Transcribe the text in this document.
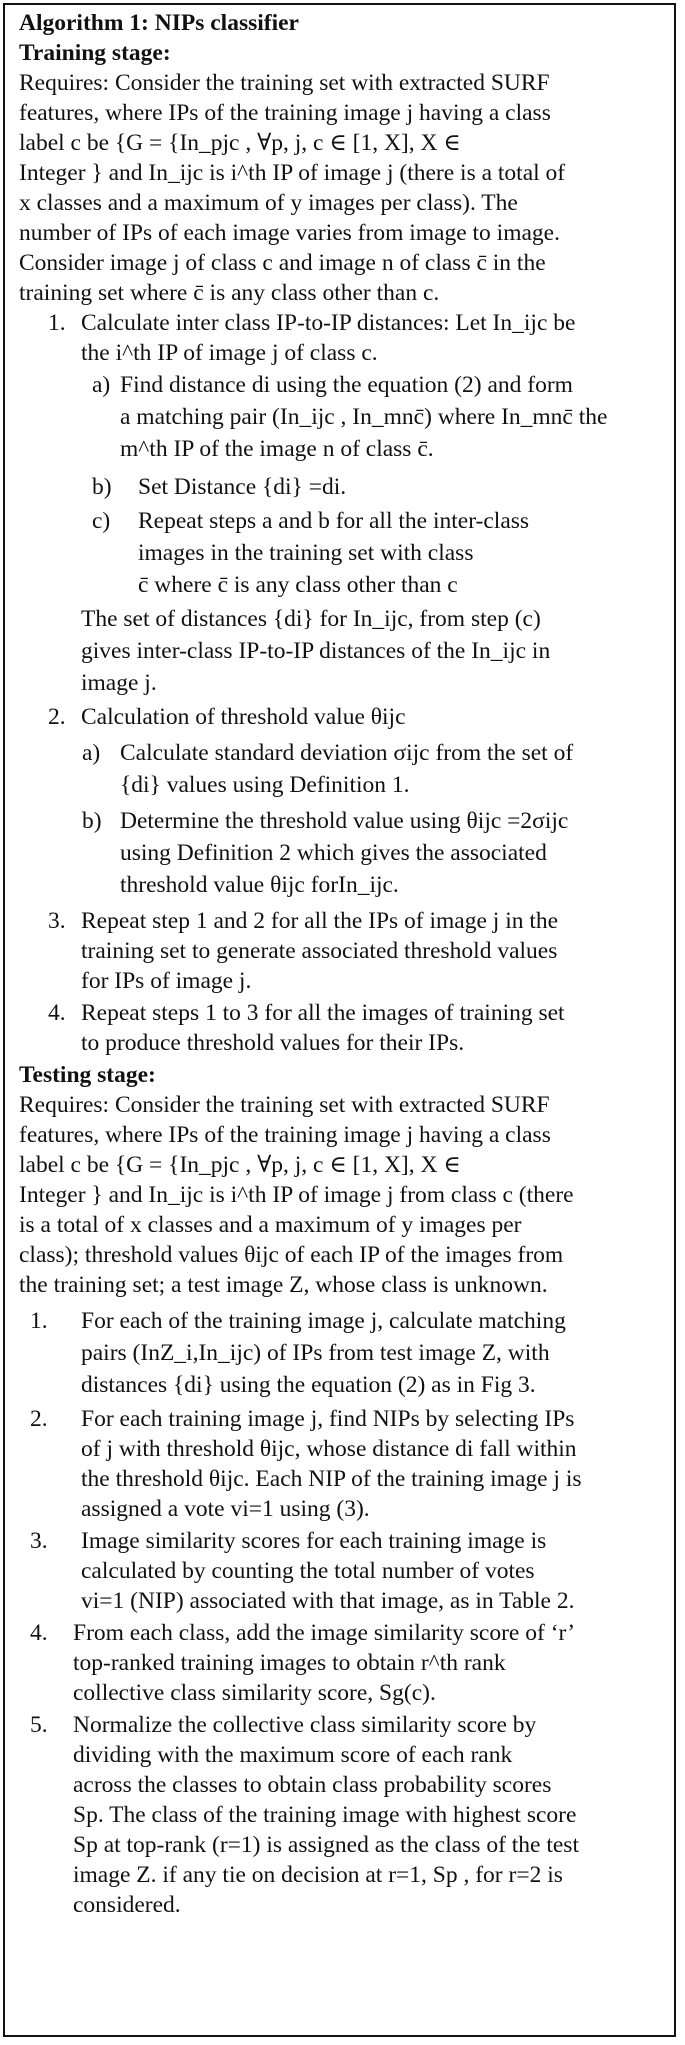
Algorithm 1: NIPs classifier
Training stage:
Requires: Consider the training set with extracted SURF
features, where IPs of the training image j having a class
label c be {G = {In_pjc , ∀p, j, c ∈ [1, X], X ∈
Integer } and In_ijc is i^th IP of image j (there is a total of
x classes and a maximum of y images per class). The
number of IPs of each image varies from image to image.
Consider image j of class c and image n of class c̄ in the
training set where c̄ is any class other than c.
1. Calculate inter class IP-to-IP distances: Let In_ijc be
the i^th IP of image j of class c.
a) Find distance di using the equation (2) and form
a matching pair (In_ijc , In_mnc̄) where In_mnc̄ the
m^th IP of the image n of class c̄.
b) Set Distance {di} =di.
c) Repeat steps a and b for all the inter-class
images in the training set with class
c̄ where c̄ is any class other than c
The set of distances {di} for In_ijc, from step (c)
gives inter-class IP-to-IP distances of the In_ijc in
image j.
2. Calculation of threshold value θijc
a) Calculate standard deviation σijc from the set of
{di} values using Definition 1.
b) Determine the threshold value using θijc =2σijc
using Definition 2 which gives the associated
threshold value θijc forIn_ijc.
3. Repeat step 1 and 2 for all the IPs of image j in the
training set to generate associated threshold values
for IPs of image j.
4. Repeat steps 1 to 3 for all the images of training set
to produce threshold values for their IPs.
Testing stage:
Requires: Consider the training set with extracted SURF
features, where IPs of the training image j having a class
label c be {G = {In_pjc , ∀p, j, c ∈ [1, X], X ∈
Integer } and In_ijc is i^th IP of image j from class c (there
is a total of x classes and a maximum of y images per
class); threshold values θijc of each IP of the images from
the training set; a test image Z, whose class is unknown.
1. For each of the training image j, calculate matching
pairs (InZ_i,In_ijc) of IPs from test image Z, with
distances {di} using the equation (2) as in Fig 3.
2. For each training image j, find NIPs by selecting IPs
of j with threshold θijc, whose distance di fall within
the threshold θijc. Each NIP of the training image j is
assigned a vote vi=1 using (3).
3. Image similarity scores for each training image is
calculated by counting the total number of votes
vi=1 (NIP) associated with that image, as in Table 2.
4. From each class, add the image similarity score of ‘r’
top-ranked training images to obtain r^th rank
collective class similarity score, Sg(c).
5. Normalize the collective class similarity score by
dividing with the maximum score of each rank
across the classes to obtain class probability scores
Sp. The class of the training image with highest score
Sp at top-rank (r=1) is assigned as the class of the test
image Z. if any tie on decision at r=1, Sp , for r=2 is
considered.
